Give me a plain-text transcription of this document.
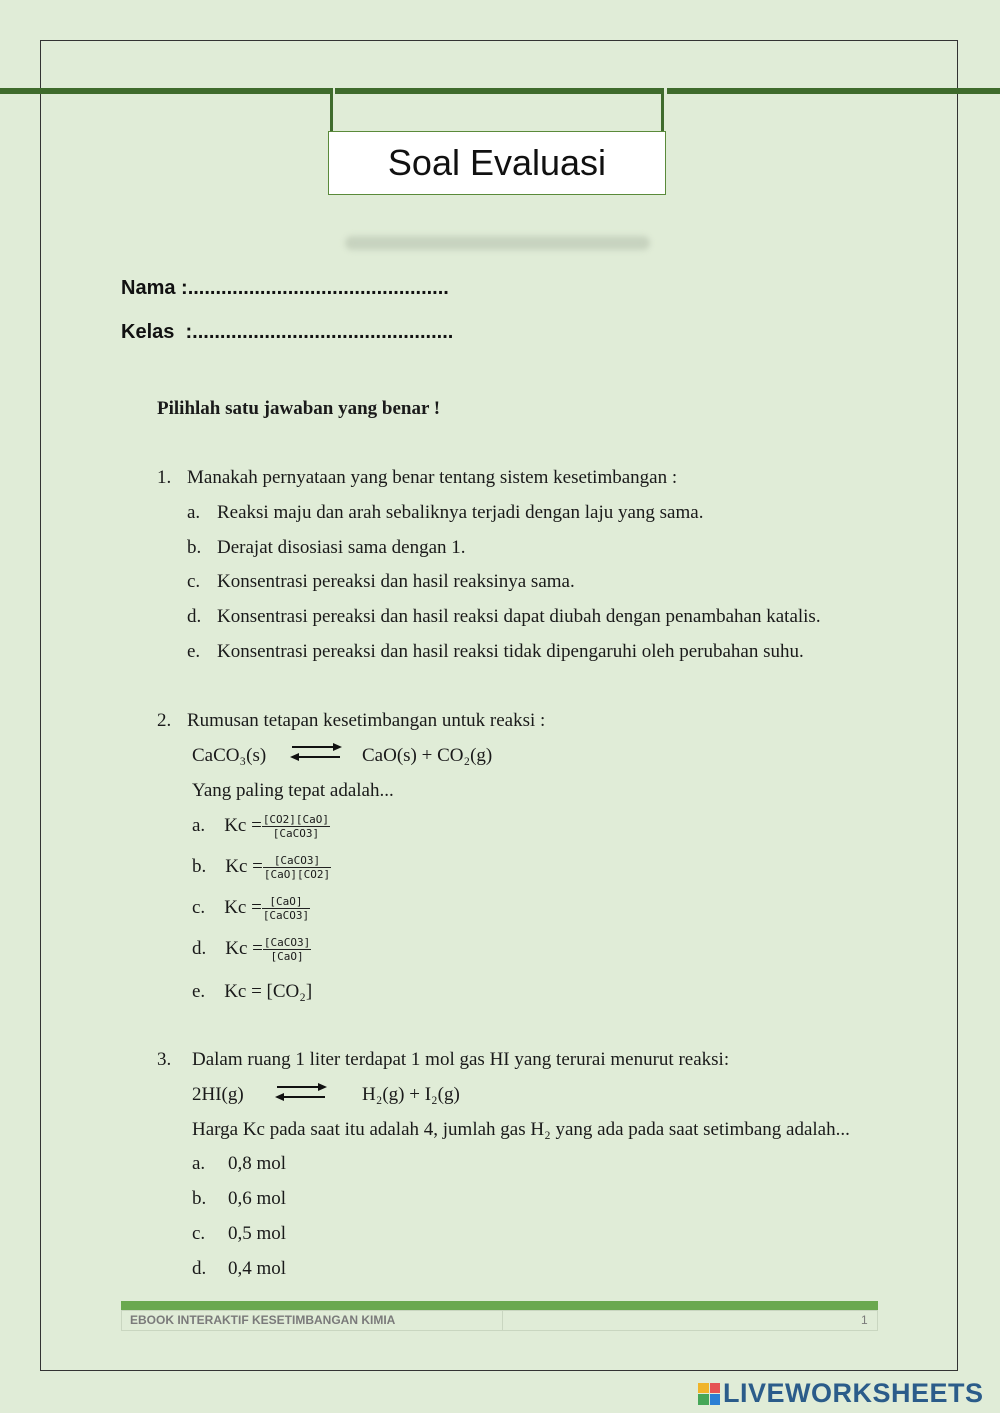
Soal Evaluasi
Nama :...............................................
Kelas  :...............................................
Pilihlah satu jawaban yang benar !
1. Manakah pernyataan yang benar tentang sistem kesetimbangan :
a. Reaksi maju dan arah sebaliknya terjadi dengan laju yang sama.
b. Derajat disosiasi sama dengan 1.
c. Konsentrasi pereaksi dan hasil reaksinya sama.
d. Konsentrasi pereaksi dan hasil reaksi dapat diubah dengan penambahan katalis.
e. Konsentrasi pereaksi dan hasil reaksi tidak dipengaruhi oleh perubahan suhu.
2. Rumusan tetapan kesetimbangan untuk reaksi :
CaCO₃(s) ⇌ CaO(s) + CO₂(g)
Yang paling tepat adalah...
a. $Kc = \frac{\text{[CO2][CaO]}}{\text{[CaCO3]}}$
b. $Kc = \frac{\text{[CaCO3]}}{\text{[CaO][CO2]}}$
c. $Kc = \frac{\text{[CaO]}}{\text{[CaCO3]}}$
d. $Kc = \frac{\text{[CaCO3]}}{\text{[CaO]}}$
e. Kc = [CO₂]
3. Dalam ruang 1 liter terdapat 1 mol gas HI yang terurai menurut reaksi:
2HI(g)	H₂(g) + I₂(g)
Harga Kc pada saat itu adalah 4, jumlah gas H₂ yang ada pada saat setimbang adalah...
a. 0,8 mol
b. 0,6 mol
c. 0,5 mol
d. 0,4 mol
EBOOK INTERAKTIF KESETIMBANGAN KIMIA	1
LIVEWORKSHEETS
